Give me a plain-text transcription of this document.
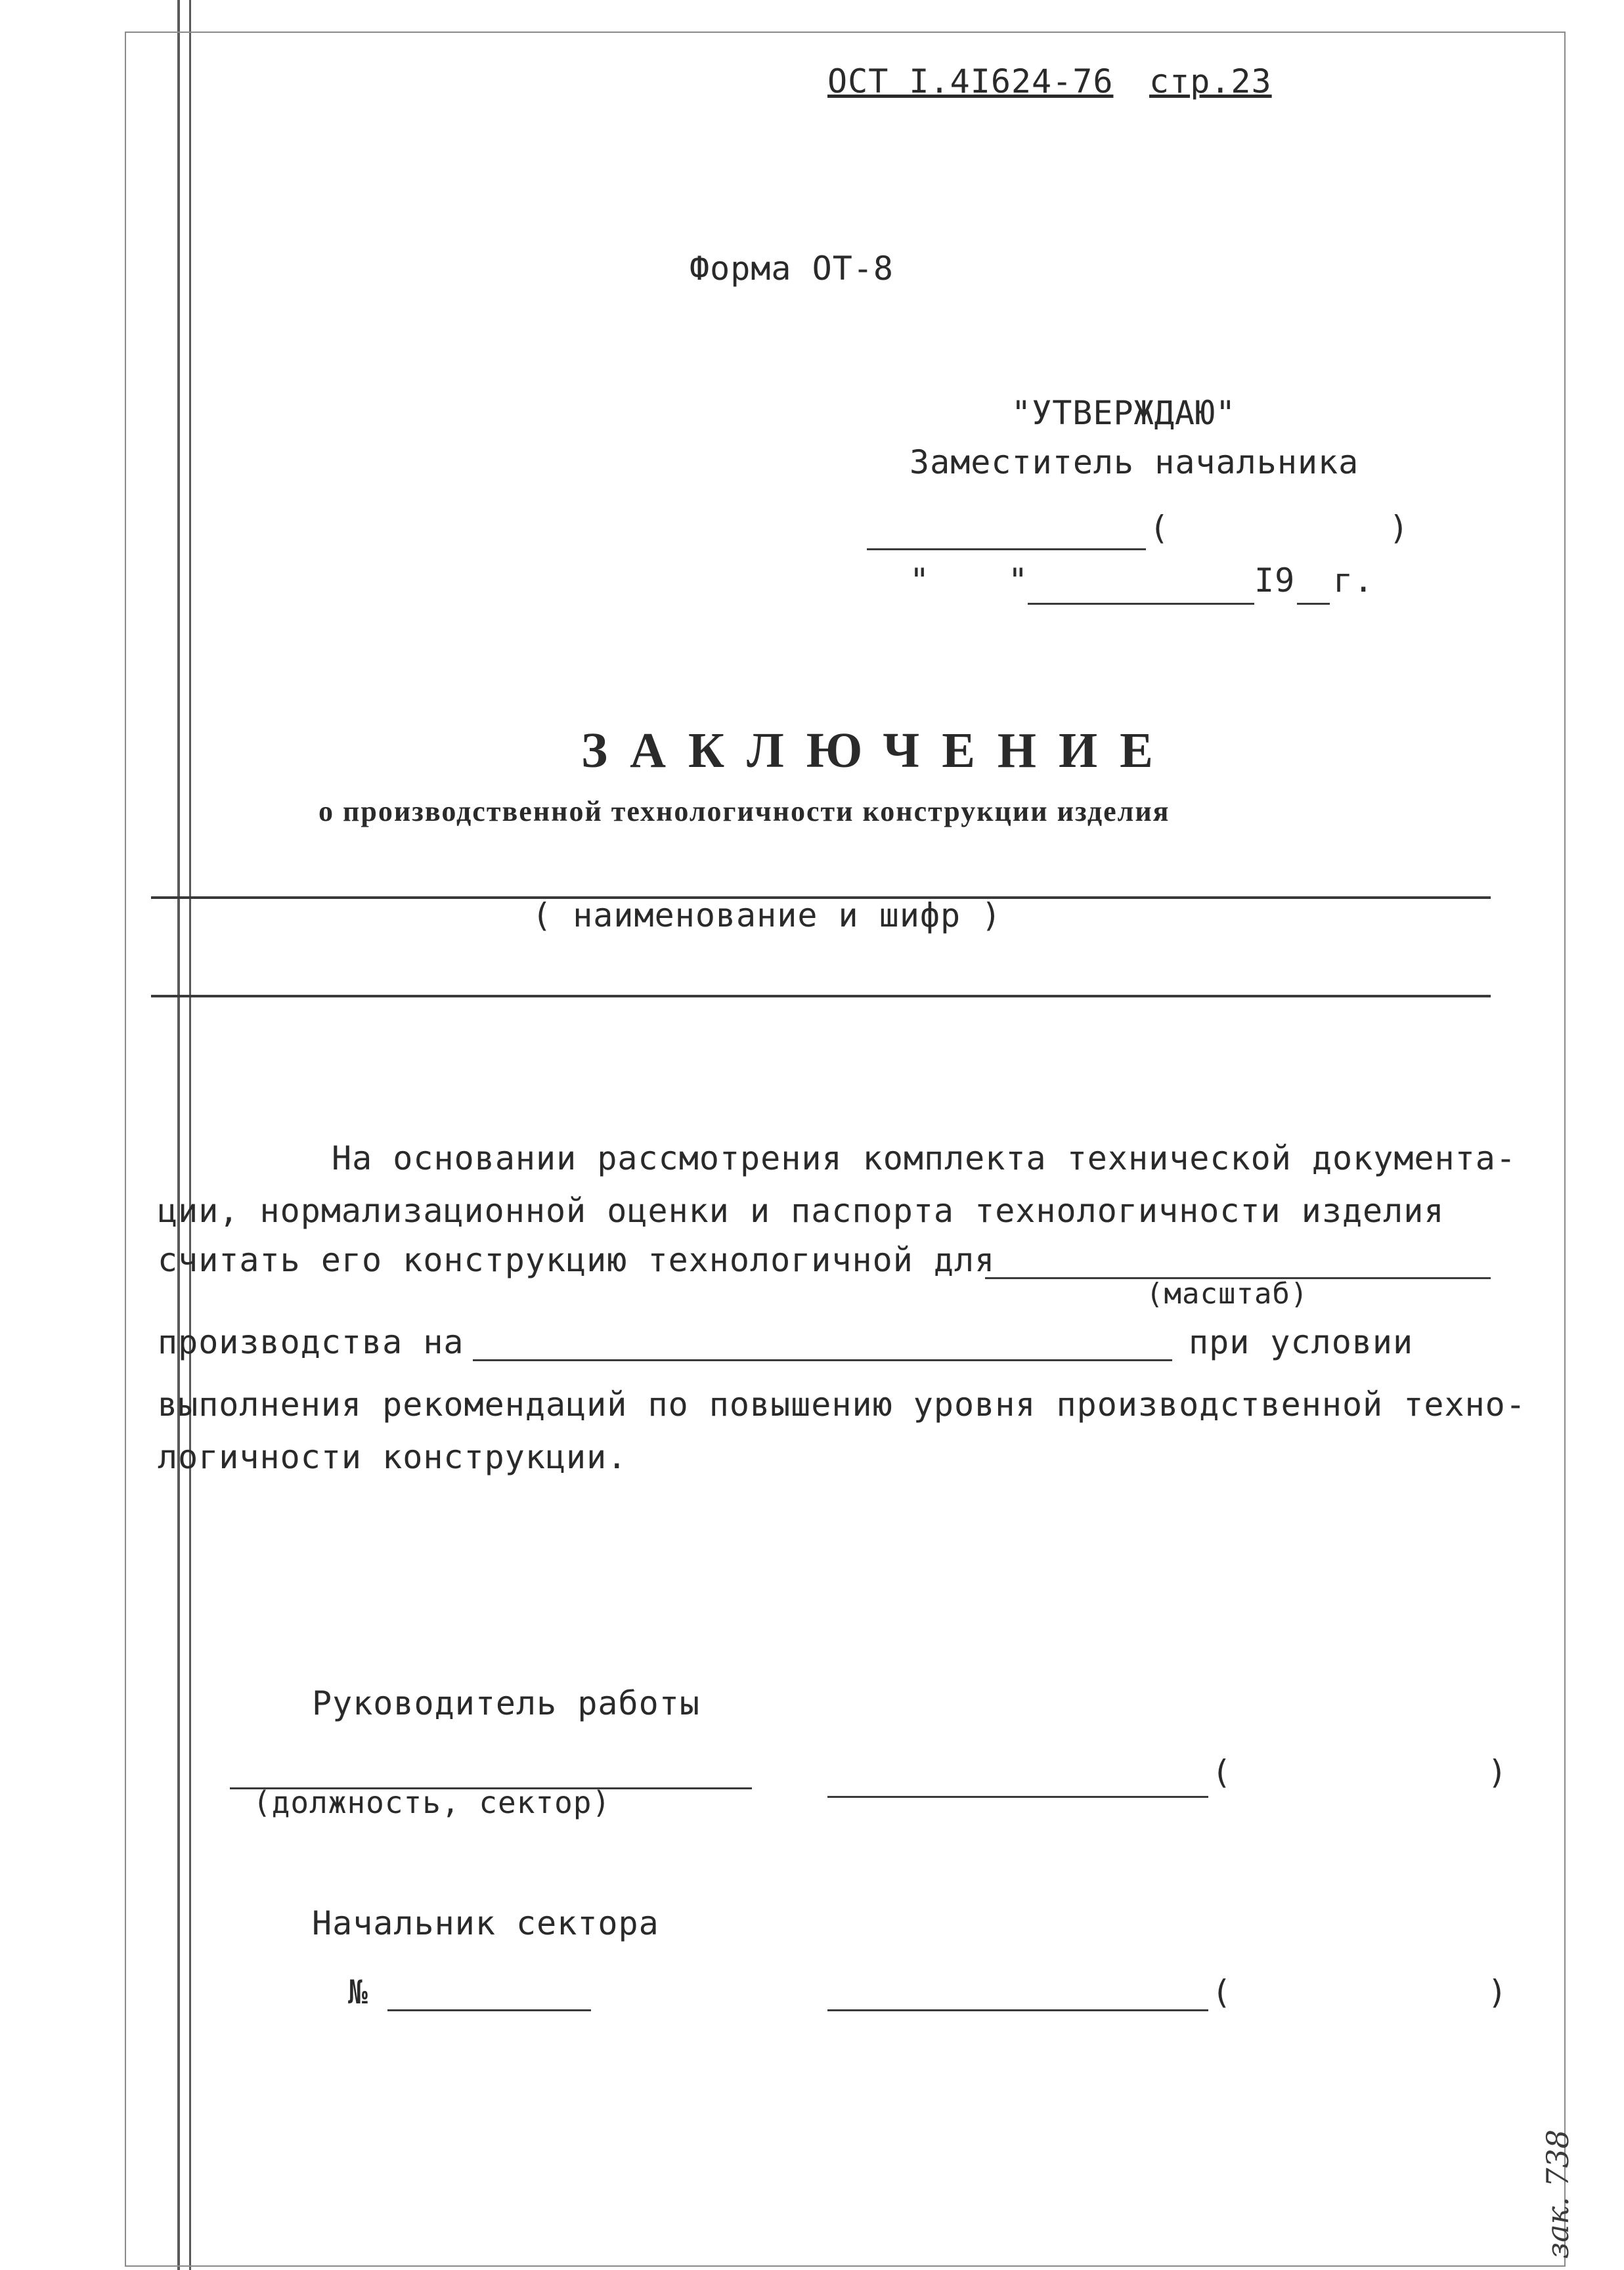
ОСТ I.4I624-76 стр.23
Форма ОТ-8
"УТВЕРЖДАЮ"
Заместитель начальника
(	)
" "	I9 г.
ЗАКЛЮЧЕНИЕ
о производственной технологичности конструкции изделия
( наименование и шифр )
На основании рассмотрения комплекта технической документа-
ции, нормализационной оценки и паспорта технологичности изделия
считать его конструкцию технологичной для
(масштаб)
производства на	при условии
выполнения рекомендаций по повышению уровня производственной техно-
логичности конструкции.
Руководитель работы
(должность, сектор)
(	)
Начальник сектора
№	(	)
зак. 738
